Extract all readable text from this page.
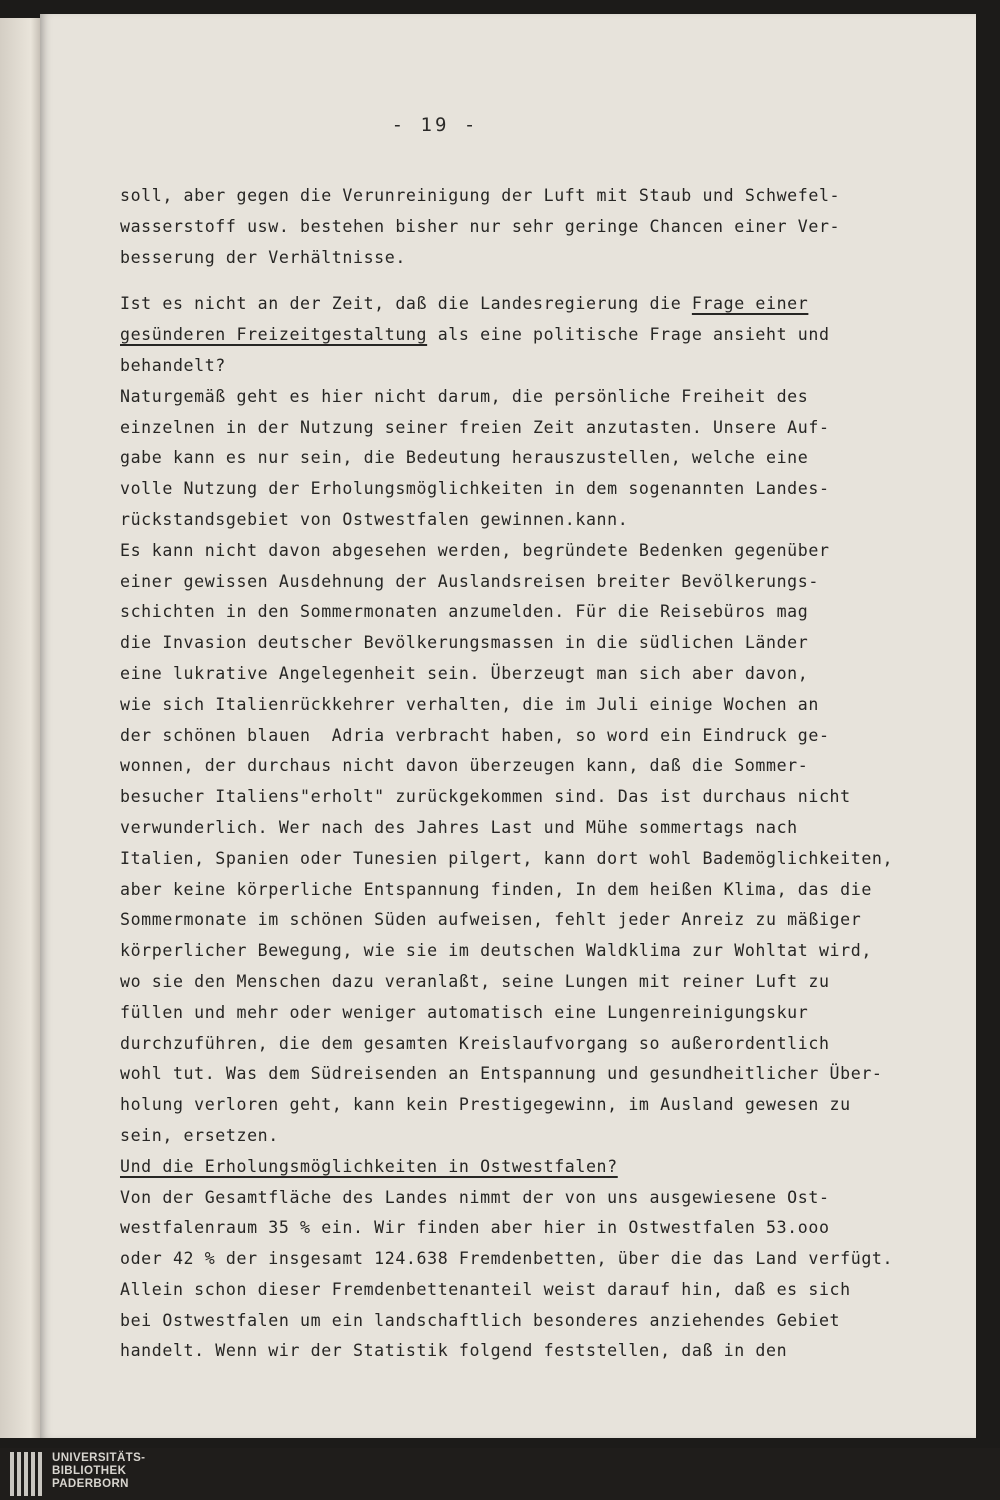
- 19 -
soll, aber gegen die Verunreinigung der Luft mit Staub und Schwefel-
wasserstoff usw. bestehen bisher nur sehr geringe Chancen einer Ver-
besserung der Verhältnisse.
Ist es nicht an der Zeit, daß die Landesregierung die Frage einer
gesünderen Freizeitgestaltung als eine politische Frage ansieht und
behandelt?
Naturgemäß geht es hier nicht darum, die persönliche Freiheit des
einzelnen in der Nutzung seiner freien Zeit anzutasten. Unsere Auf-
gabe kann es nur sein, die Bedeutung herauszustellen, welche eine
volle Nutzung der Erholungsmöglichkeiten in dem sogenannten Landes-
rückstandsgebiet von Ostwestfalen gewinnen.kann.
Es kann nicht davon abgesehen werden, begründete Bedenken gegenüber
einer gewissen Ausdehnung der Auslandsreisen breiter Bevölkerungs-
schichten in den Sommermonaten anzumelden. Für die Reisebüros mag
die Invasion deutscher Bevölkerungsmassen in die südlichen Länder
eine lukrative Angelegenheit sein. Überzeugt man sich aber davon,
wie sich Italienrückkehrer verhalten, die im Juli einige Wochen an
der schönen blauen  Adria verbracht haben, so word ein Eindruck ge-
wonnen, der durchaus nicht davon überzeugen kann, daß die Sommer-
besucher Italiens"erholt" zurückgekommen sind. Das ist durchaus nicht
verwunderlich. Wer nach des Jahres Last und Mühe sommertags nach
Italien, Spanien oder Tunesien pilgert, kann dort wohl Bademöglichkeiten,
aber keine körperliche Entspannung finden, In dem heißen Klima, das die
Sommermonate im schönen Süden aufweisen, fehlt jeder Anreiz zu mäßiger
körperlicher Bewegung, wie sie im deutschen Waldklima zur Wohltat wird,
wo sie den Menschen dazu veranlaßt, seine Lungen mit reiner Luft zu
füllen und mehr oder weniger automatisch eine Lungenreinigungskur
durchzuführen, die dem gesamten Kreislaufvorgang so außerordentlich
wohl tut. Was dem Südreisenden an Entspannung und gesundheitlicher Über-
holung verloren geht, kann kein Prestigegewinn, im Ausland gewesen zu
sein, ersetzen.
Und die Erholungsmöglichkeiten in Ostwestfalen?
Von der Gesamtfläche des Landes nimmt der von uns ausgewiesene Ost-
westfalenraum 35 % ein. Wir finden aber hier in Ostwestfalen 53.ooo
oder 42 % der insgesamt 124.638 Fremdenbetten, über die das Land verfügt.
Allein schon dieser Fremdenbettenanteil weist darauf hin, daß es sich
bei Ostwestfalen um ein landschaftlich besonderes anziehendes Gebiet
handelt. Wenn wir der Statistik folgend feststellen, daß in den
UNIVERSITÄTS-
BIBLIOTHEK
PADERBORN
